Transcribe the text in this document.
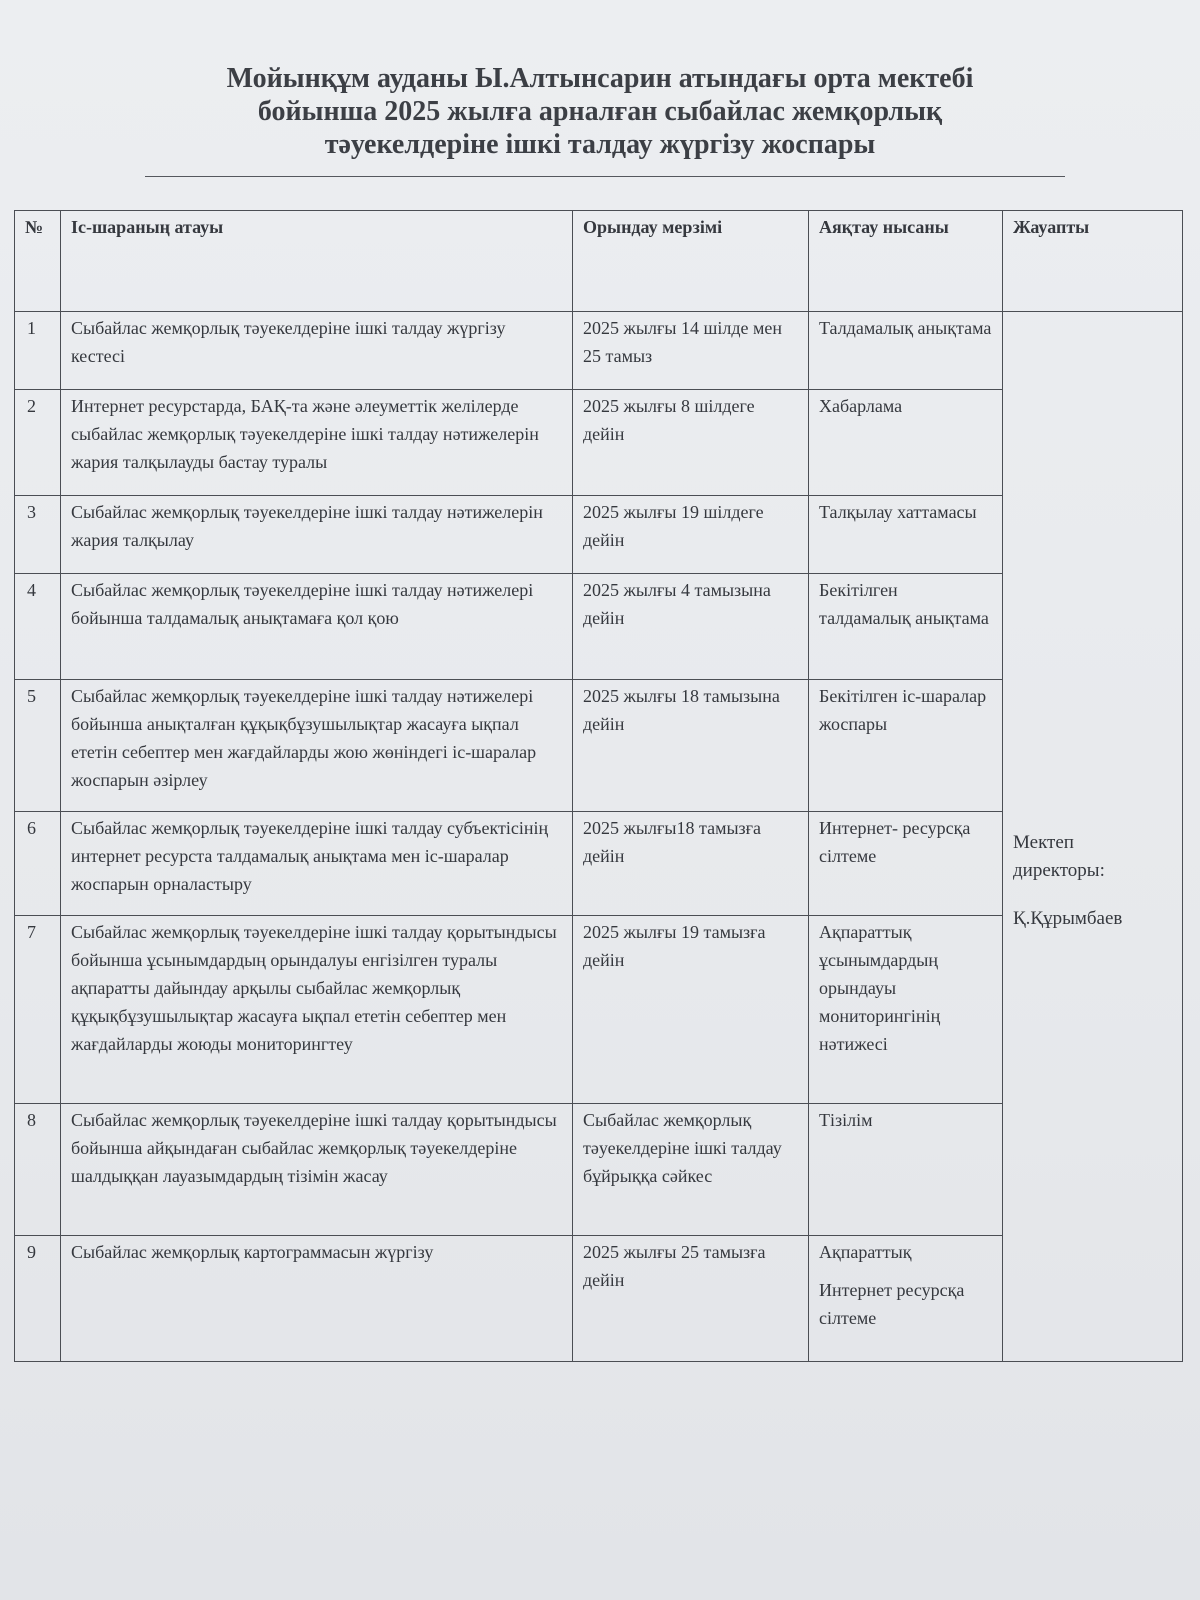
Мойынқұм ауданы Ы.Алтынсарин атындағы орта мектебі
бойынша 2025 жылға арналған сыбайлас жемқорлық
тәуекелдеріне ішкі талдау жүргізу жоспары
№	Іс-шараның атауы	Орындау мерзімі	Аяқтау нысаны	Жауапты
1	Сыбайлас жемқорлық тәуекелдеріне ішкі талдау жүргізу кестесі	2025 жылғы 14 шілде мен 25 тамыз	Талдамалық анықтама	Мектеп
директоры:
Қ.Құрымбаев

2	Интернет ресурстарда, БАҚ-та және әлеуметтік желілерде сыбайлас жемқорлық тәуекелдеріне ішкі талдау нәтижелерін жария талқылауды бастау туралы	2025 жылғы 8 шілдеге дейін	Хабарлама	
3	Сыбайлас жемқорлық тәуекелдеріне ішкі талдау нәтижелерін жария талқылау	2025 жылғы 19 шілдеге дейін	Талқылау хаттамасы	
4	Сыбайлас жемқорлық тәуекелдеріне ішкі талдау нәтижелері бойынша талдамалық анықтамаға қол қою	2025 жылғы 4 тамызына дейін	Бекітілген талдамалық анықтама	
5	Сыбайлас жемқорлық тәуекелдеріне ішкі талдау нәтижелері бойынша анықталған құқықбұзушылықтар жасауға ықпал ететін себептер мен жағдайларды жою жөніндегі іс-шаралар жоспарын әзірлеу	2025 жылғы 18 тамызына дейін	Бекітілген іс-шаралар жоспары	
6	Сыбайлас жемқорлық тәуекелдеріне ішкі талдау субъектісінің интернет ресурста талдамалық анықтама мен іс-шаралар жоспарын орналастыру	2025 жылғы18 тамызға дейін	Интернет- ресурсқа сілтеме	
7	Сыбайлас жемқорлық тәуекелдеріне ішкі талдау қорытындысы бойынша ұсынымдардың орындалуы енгізілген туралы ақпаратты дайындау арқылы сыбайлас жемқорлық құқықбұзушылықтар жасауға ықпал ететін себептер мен жағдайларды жоюды мониторингтеу	2025 жылғы 19 тамызға дейін	Ақпараттық ұсынымдардың орындауы мониторингінің нәтижесі	
8	Сыбайлас жемқорлық тәуекелдеріне ішкі талдау қорытындысы бойынша айқындаған сыбайлас жемқорлық тәуекелдеріне шалдыққан лауазымдардың тізімін жасау	Сыбайлас жемқорлық тәуекелдеріне ішкі талдау бұйрыққа сәйкес	Тізілім	
9	Сыбайлас жемқорлық картограммасын жүргізу	2025 жылғы 25 тамызға дейін	Ақпараттық
Интернет ресурсқа сілтеме	
